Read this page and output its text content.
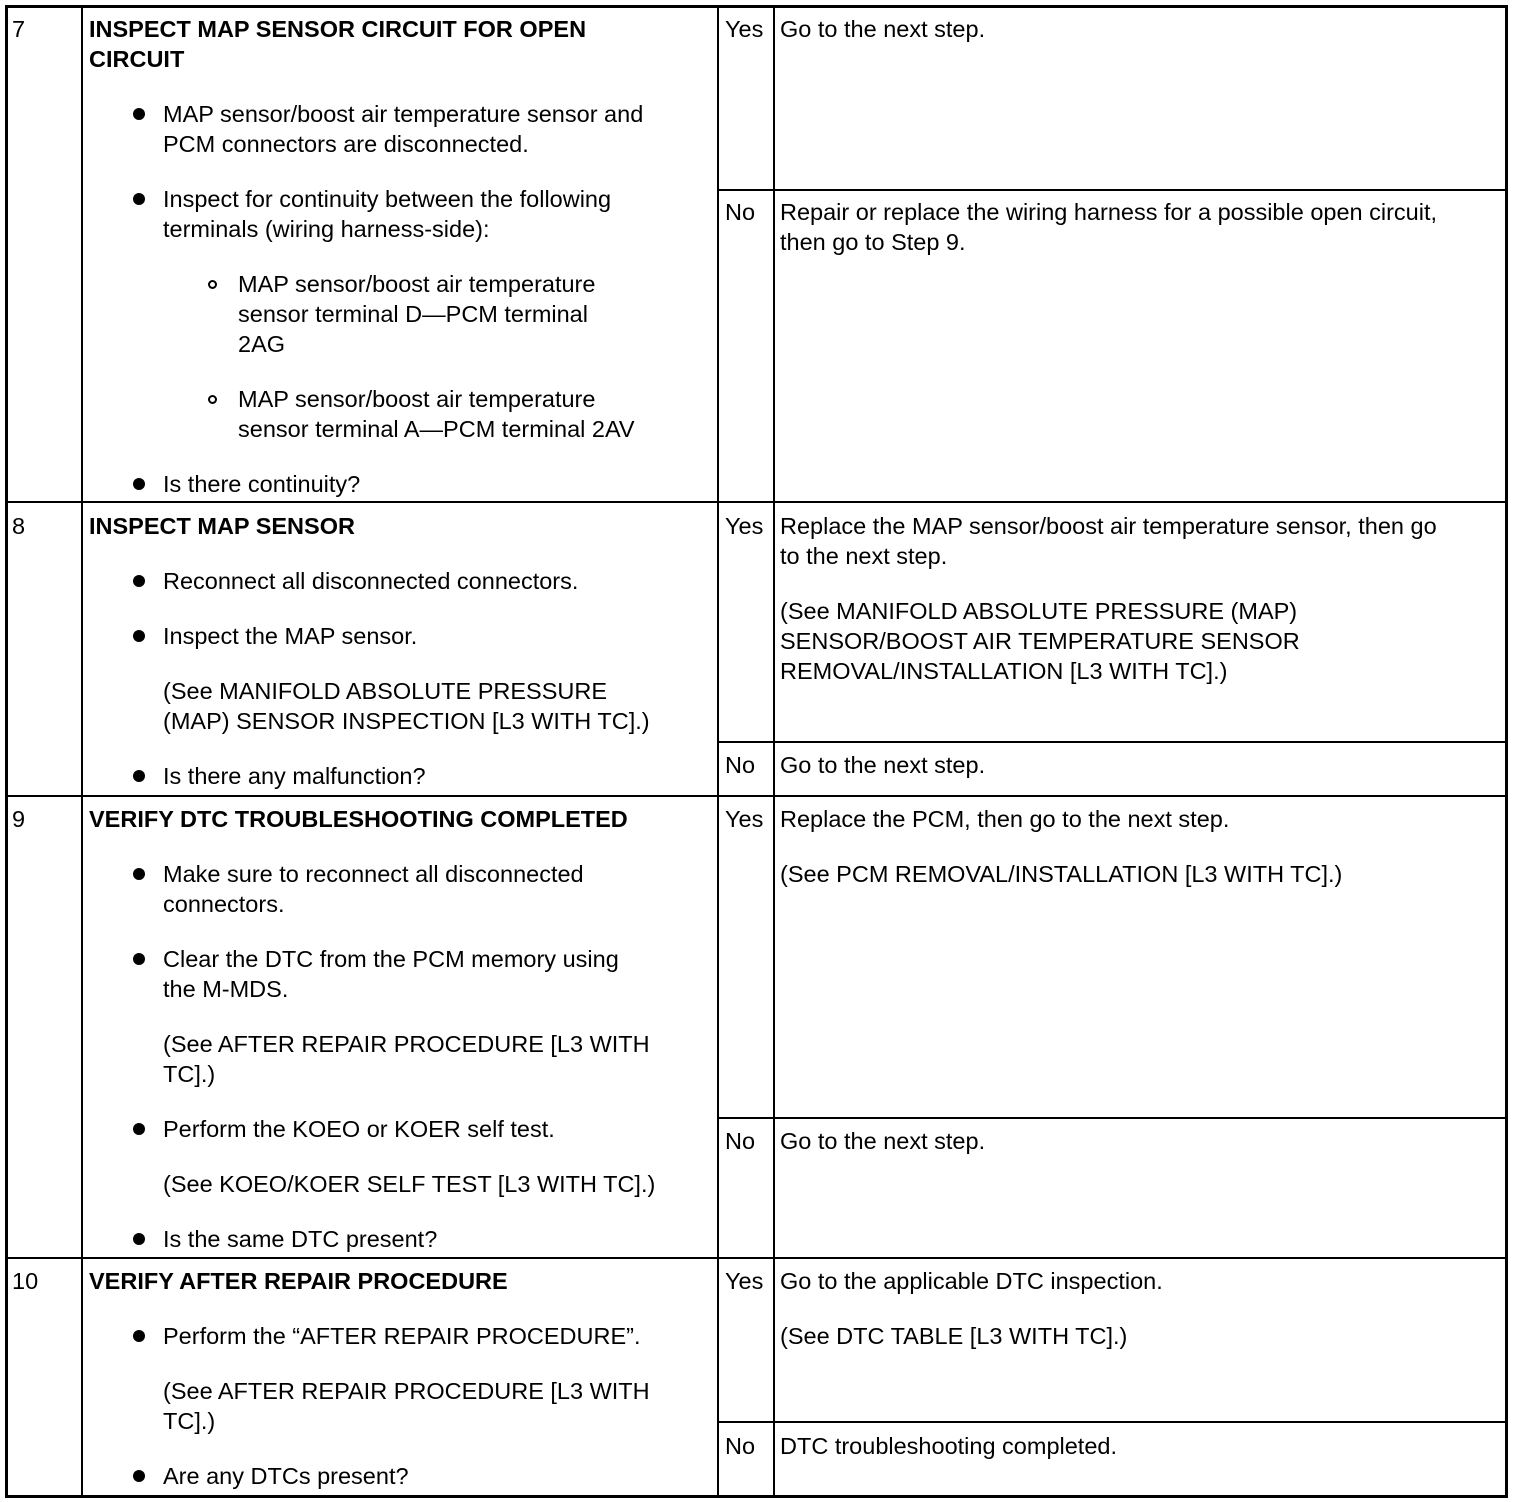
7	INSPECT MAP SENSOR CIRCUIT FOR OPEN
CIRCUIT
MAP sensor/boost air temperature sensor and
PCM connectors are disconnected.
Inspect for continuity between the following
terminals (wiring harness-side):
MAP sensor/boost air temperature
sensor terminal D—PCM terminal
2AG
MAP sensor/boost air temperature
sensor terminal A—PCM terminal 2AV
Is there continuity?
Yes Go to the next step.
No Repair or replace the wiring harness for a possible open circuit,
then go to Step 9.
8	INSPECT MAP SENSOR
Reconnect all disconnected connectors.
Inspect the MAP sensor.
(See MANIFOLD ABSOLUTE PRESSURE
(MAP) SENSOR INSPECTION [L3 WITH TC].)
Is there any malfunction?
Yes Replace the MAP sensor/boost air temperature sensor, then go
to the next step.
(See MANIFOLD ABSOLUTE PRESSURE (MAP)
SENSOR/BOOST AIR TEMPERATURE SENSOR
REMOVAL/INSTALLATION [L3 WITH TC].)
No Go to the next step.
9	VERIFY DTC TROUBLESHOOTING COMPLETED
Make sure to reconnect all disconnected
connectors.
Clear the DTC from the PCM memory using
the M-MDS.
(See AFTER REPAIR PROCEDURE [L3 WITH
TC].)
Perform the KOEO or KOER self test.
(See KOEO/KOER SELF TEST [L3 WITH TC].)
Is the same DTC present?
Yes Replace the PCM, then go to the next step.
(See PCM REMOVAL/INSTALLATION [L3 WITH TC].)
No Go to the next step.
10 VERIFY AFTER REPAIR PROCEDURE
Perform the “AFTER REPAIR PROCEDURE”.
(See AFTER REPAIR PROCEDURE [L3 WITH
TC].)
Are any DTCs present?
Yes Go to the applicable DTC inspection.
(See DTC TABLE [L3 WITH TC].)
No DTC troubleshooting completed.
